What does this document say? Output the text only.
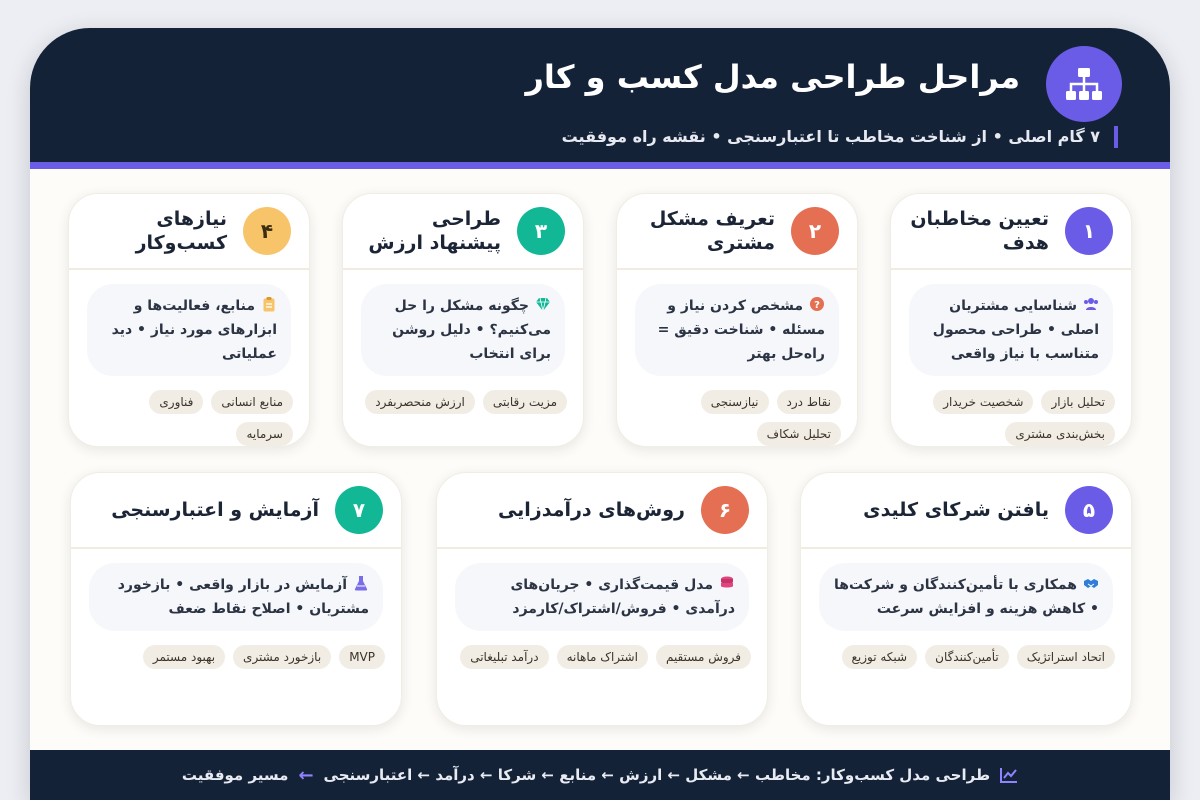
مراحل طراحی مدل کسب و کار
۷ گام اصلی • از شناخت مخاطب تا اعتبارسنجی • نقشه راه موفقیت
۱
تعیین مخاطبان هدف
شناسایی مشتریان اصلی • طراحی محصول متناسب با نیاز واقعی
تحلیل بازار
شخصیت خریدار
بخش‌بندی مشتری
۲
تعریف مشکل مشتری
?
مشخص کردن نیاز و مسئله • شناخت دقیق = راه‌حل بهتر
نقاط درد
نیازسنجی
تحلیل شکاف
۳
طراحی پیشنهاد ارزش
چگونه مشکل را حل می‌کنیم؟ • دلیل روشن برای انتخاب
مزیت رقابتی
ارزش منحصربفرد
۴
نیازهای کسب‌وکار
منابع، فعالیت‌ها و ابزارهای مورد نیاز • دید عملیاتی
منابع انسانی
فناوری
سرمایه
۵
یافتن شرکای کلیدی
همکاری با تأمین‌کنندگان و شرکت‌ها • کاهش هزینه و افزایش سرعت
اتحاد استراتژیک
تأمین‌کنندگان
شبکه توزیع
۶
روش‌های درآمدزایی
مدل قیمت‌گذاری • جریان‌های درآمدی • فروش/اشتراک/کارمزد
فروش مستقیم
اشتراک ماهانه
درآمد تبلیغاتی
۷
آزمایش و اعتبارسنجی
آزمایش در بازار واقعی • بازخورد مشتریان • اصلاح نقاط ضعف
MVP
بازخورد مشتری
بهبود مستمر
طراحی مدل کسب‌وکار: مخاطب ← مشکل ← ارزش ← منابع ← شرکا ← درآمد ← اعتبارسنجی
←
مسیر موفقیت
